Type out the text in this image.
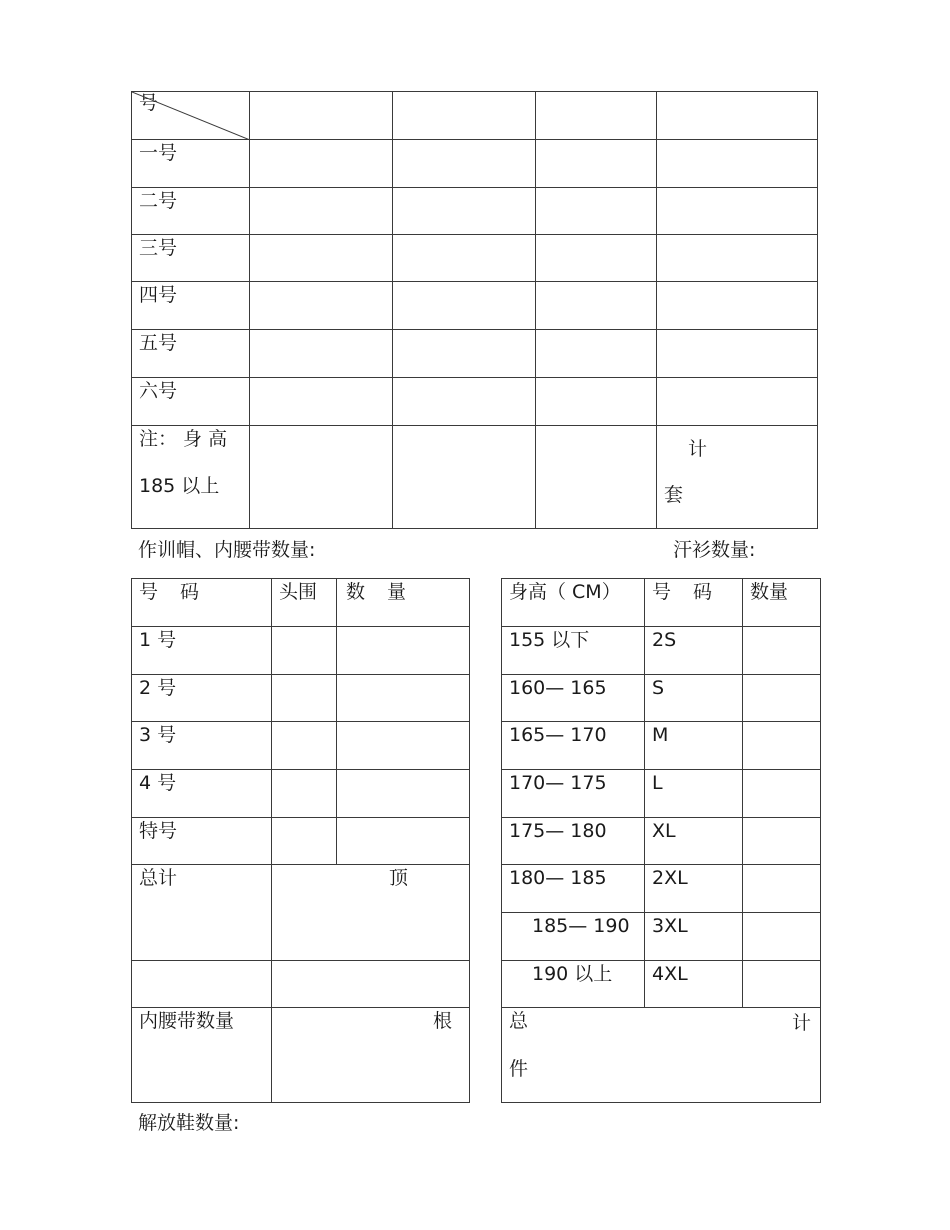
号				

一号				

二号				

三号				

四号				

五号				

六号				

注： 身 高
185 以上				计
套
作训帽、内腰带数量:	汗衫数量:
号 码	头围	数 量

1 号		

2 号		

3 号		

4 号		

特号		

总计	顶	

内腰带数量	根	
身高（ CM）	号 码	数量

155 以下	2S	

160— 165	S	

165— 170	M	

170— 175	L	

175— 180	XL	

180— 185	2XL	

185— 190	3XL	

190 以上	4XL	

总
件
计		
解放鞋数量:
